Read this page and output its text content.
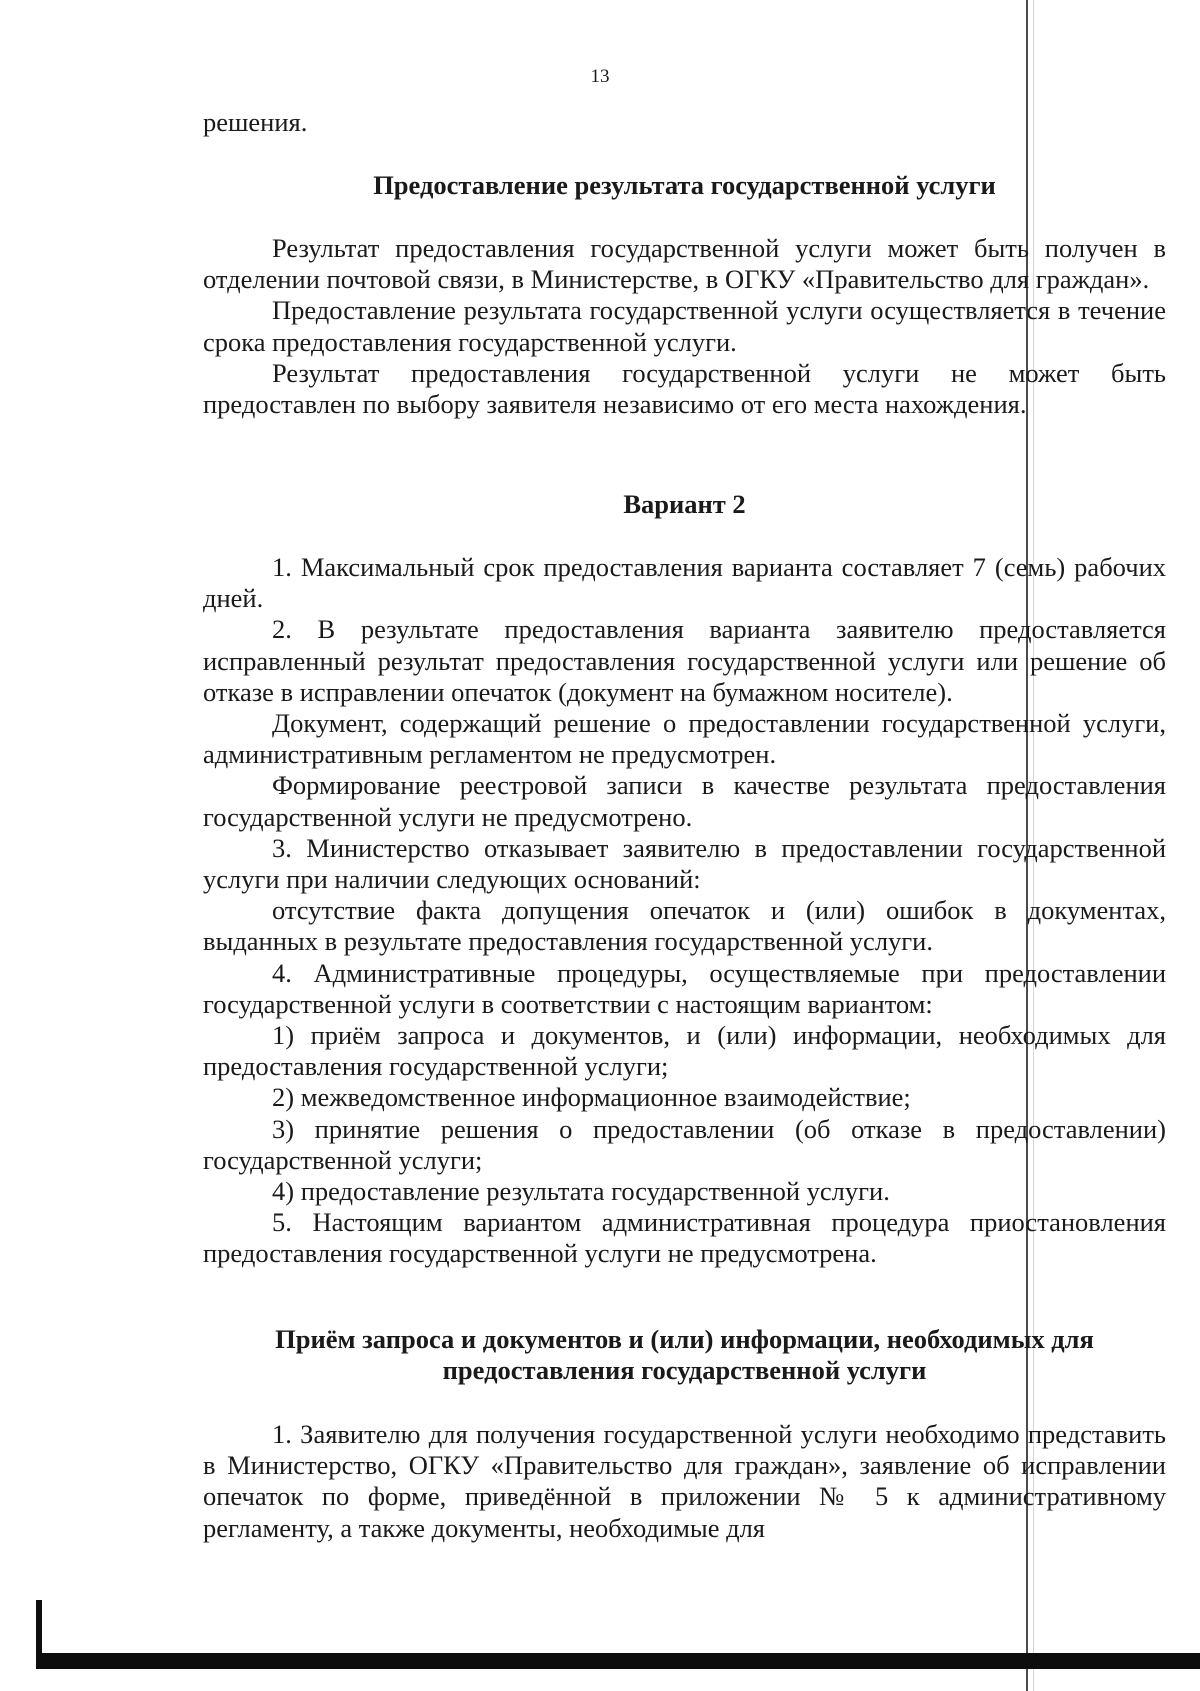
13

решения.

Предоставление результата государственной услуги

Результат предоставления государственной услуги может быть получен в отделении почтовой связи, в Министерстве, в ОГКУ «Правительство для граждан».

Предоставление результата государственной услуги осуществляется в течение срока предоставления государственной услуги.

Результат предоставления государственной услуги не может быть предоставлен по выбору заявителя независимо от его места нахождения.

Вариант 2

1. Максимальный срок предоставления варианта составляет 7 (семь) рабочих дней.

2. В результате предоставления варианта заявителю предоставляется исправленный результат предоставления государственной услуги или решение об отказе в исправлении опечаток (документ на бумажном носителе).

Документ, содержащий решение о предоставлении государственной услуги, административным регламентом не предусмотрен.

Формирование реестровой записи в качестве результата предоставления государственной услуги не предусмотрено.

3. Министерство отказывает заявителю в предоставлении государственной услуги при наличии следующих оснований:

отсутствие факта допущения опечаток и (или) ошибок в документах, выданных в результате предоставления государственной услуги.

4. Административные процедуры, осуществляемые при предоставлении государственной услуги в соответствии с настоящим вариантом:

1) приём запроса и документов, и (или) информации, необходимых для предоставления государственной услуги;

2) межведомственное информационное взаимодействие;

3) принятие решения о предоставлении (об отказе в предоставлении) государственной услуги;

4) предоставление результата государственной услуги.

5. Настоящим вариантом административная процедура приостановления предоставления государственной услуги не предусмотрена.

Приём запроса и документов и (или) информации, необходимых для
предоставления государственной услуги

1. Заявителю для получения государственной услуги необходимо представить в Министерство, ОГКУ «Правительство для граждан», заявление об исправлении опечаток по форме, приведённой в приложении № 5 к административному регламенту, а также документы, необходимые для
